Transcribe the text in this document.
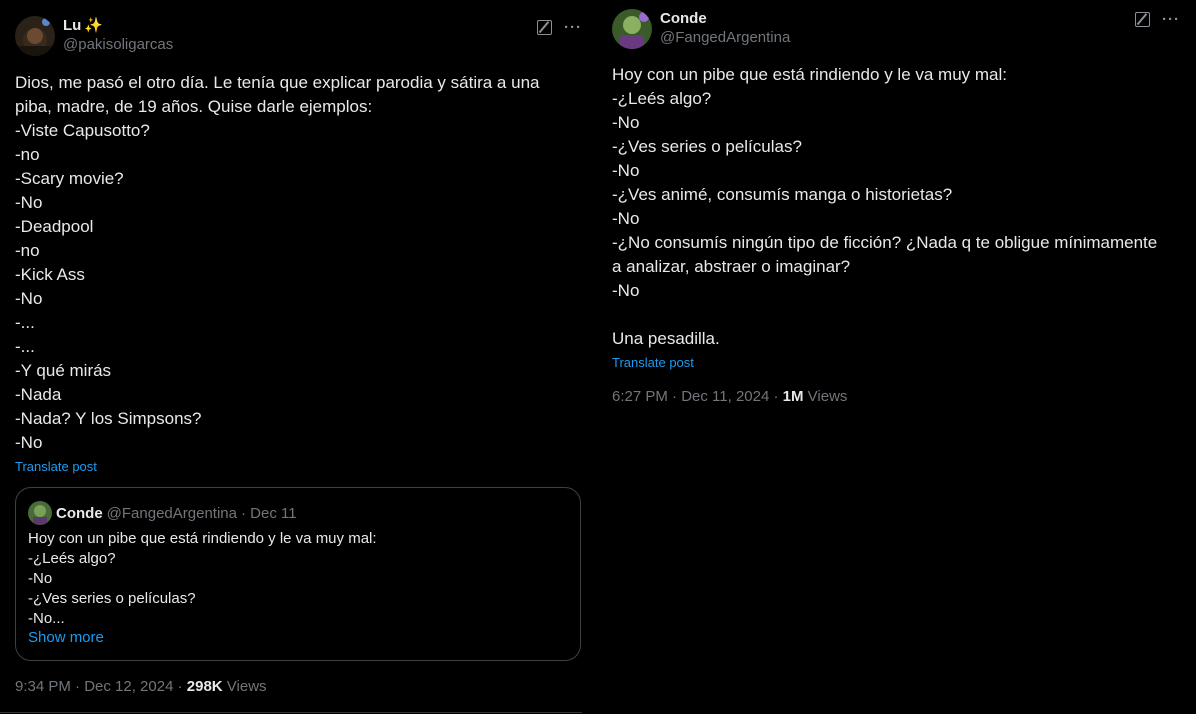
Lu ✨
@pakisoligarcas
···
Dios, me pasó el otro día. Le tenía que explicar parodia y sátira a una
piba, madre, de 19 años. Quise darle ejemplos:
-Viste Capusotto?
-no
-Scary movie?
-No
-Deadpool
-no
-Kick Ass
-No
-...
-...
-Y qué mirás
-Nada
-Nada? Y los Simpsons?
-No
Translate post
Conde @FangedArgentina · Dec 11
Hoy con un pibe que está rindiendo y le va muy mal:
-¿Leés algo?
-No
-¿Ves series o películas?
-No...
Show more
9:34 PM · Dec 12, 2024 · 298K Views
Conde
@FangedArgentina
···
Hoy con un pibe que está rindiendo y le va muy mal:
-¿Leés algo?
-No
-¿Ves series o películas?
-No
-¿Ves animé, consumís manga o historietas?
-No
-¿No consumís ningún tipo de ficción? ¿Nada q te obligue mínimamente
a analizar, abstraer o imaginar?
-No
Una pesadilla.
Translate post
6:27 PM · Dec 11, 2024 · 1M Views
